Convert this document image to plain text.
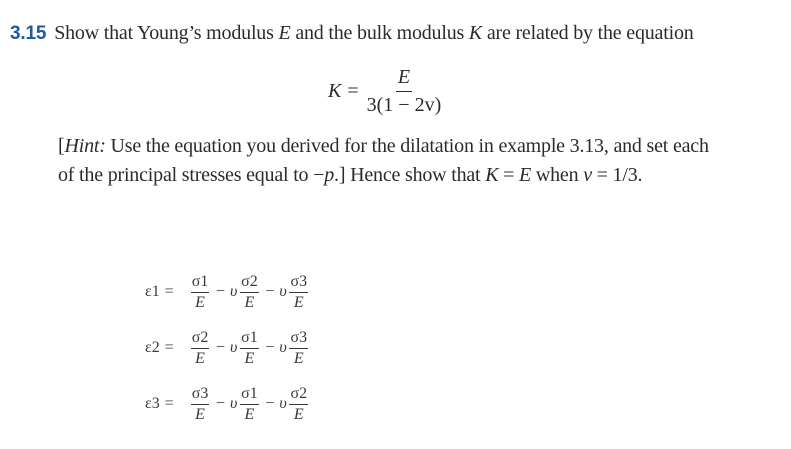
3.15 Show that Young’s modulus E and the bulk modulus K are related by the equation
$K = \frac{E}{3(1 - 2v)}$
[Hint: Use the equation you derived for the dilatation in example 3.13, and set each
of the principal stresses equal to −p.] Hence show that K = E when v = 1/3.
$\varepsilon 1 = \frac{\sigma 1}{E} - \upsilon \frac{\sigma 2}{E} - \upsilon \frac{\sigma 3}{E}$
$\varepsilon 2 = \frac{\sigma 2}{E} - \upsilon \frac{\sigma 1}{E} - \upsilon \frac{\sigma 3}{E}$
$\varepsilon 3 = \frac{\sigma 3}{E} - \upsilon \frac{\sigma 1}{E} - \upsilon \frac{\sigma 2}{E}$
